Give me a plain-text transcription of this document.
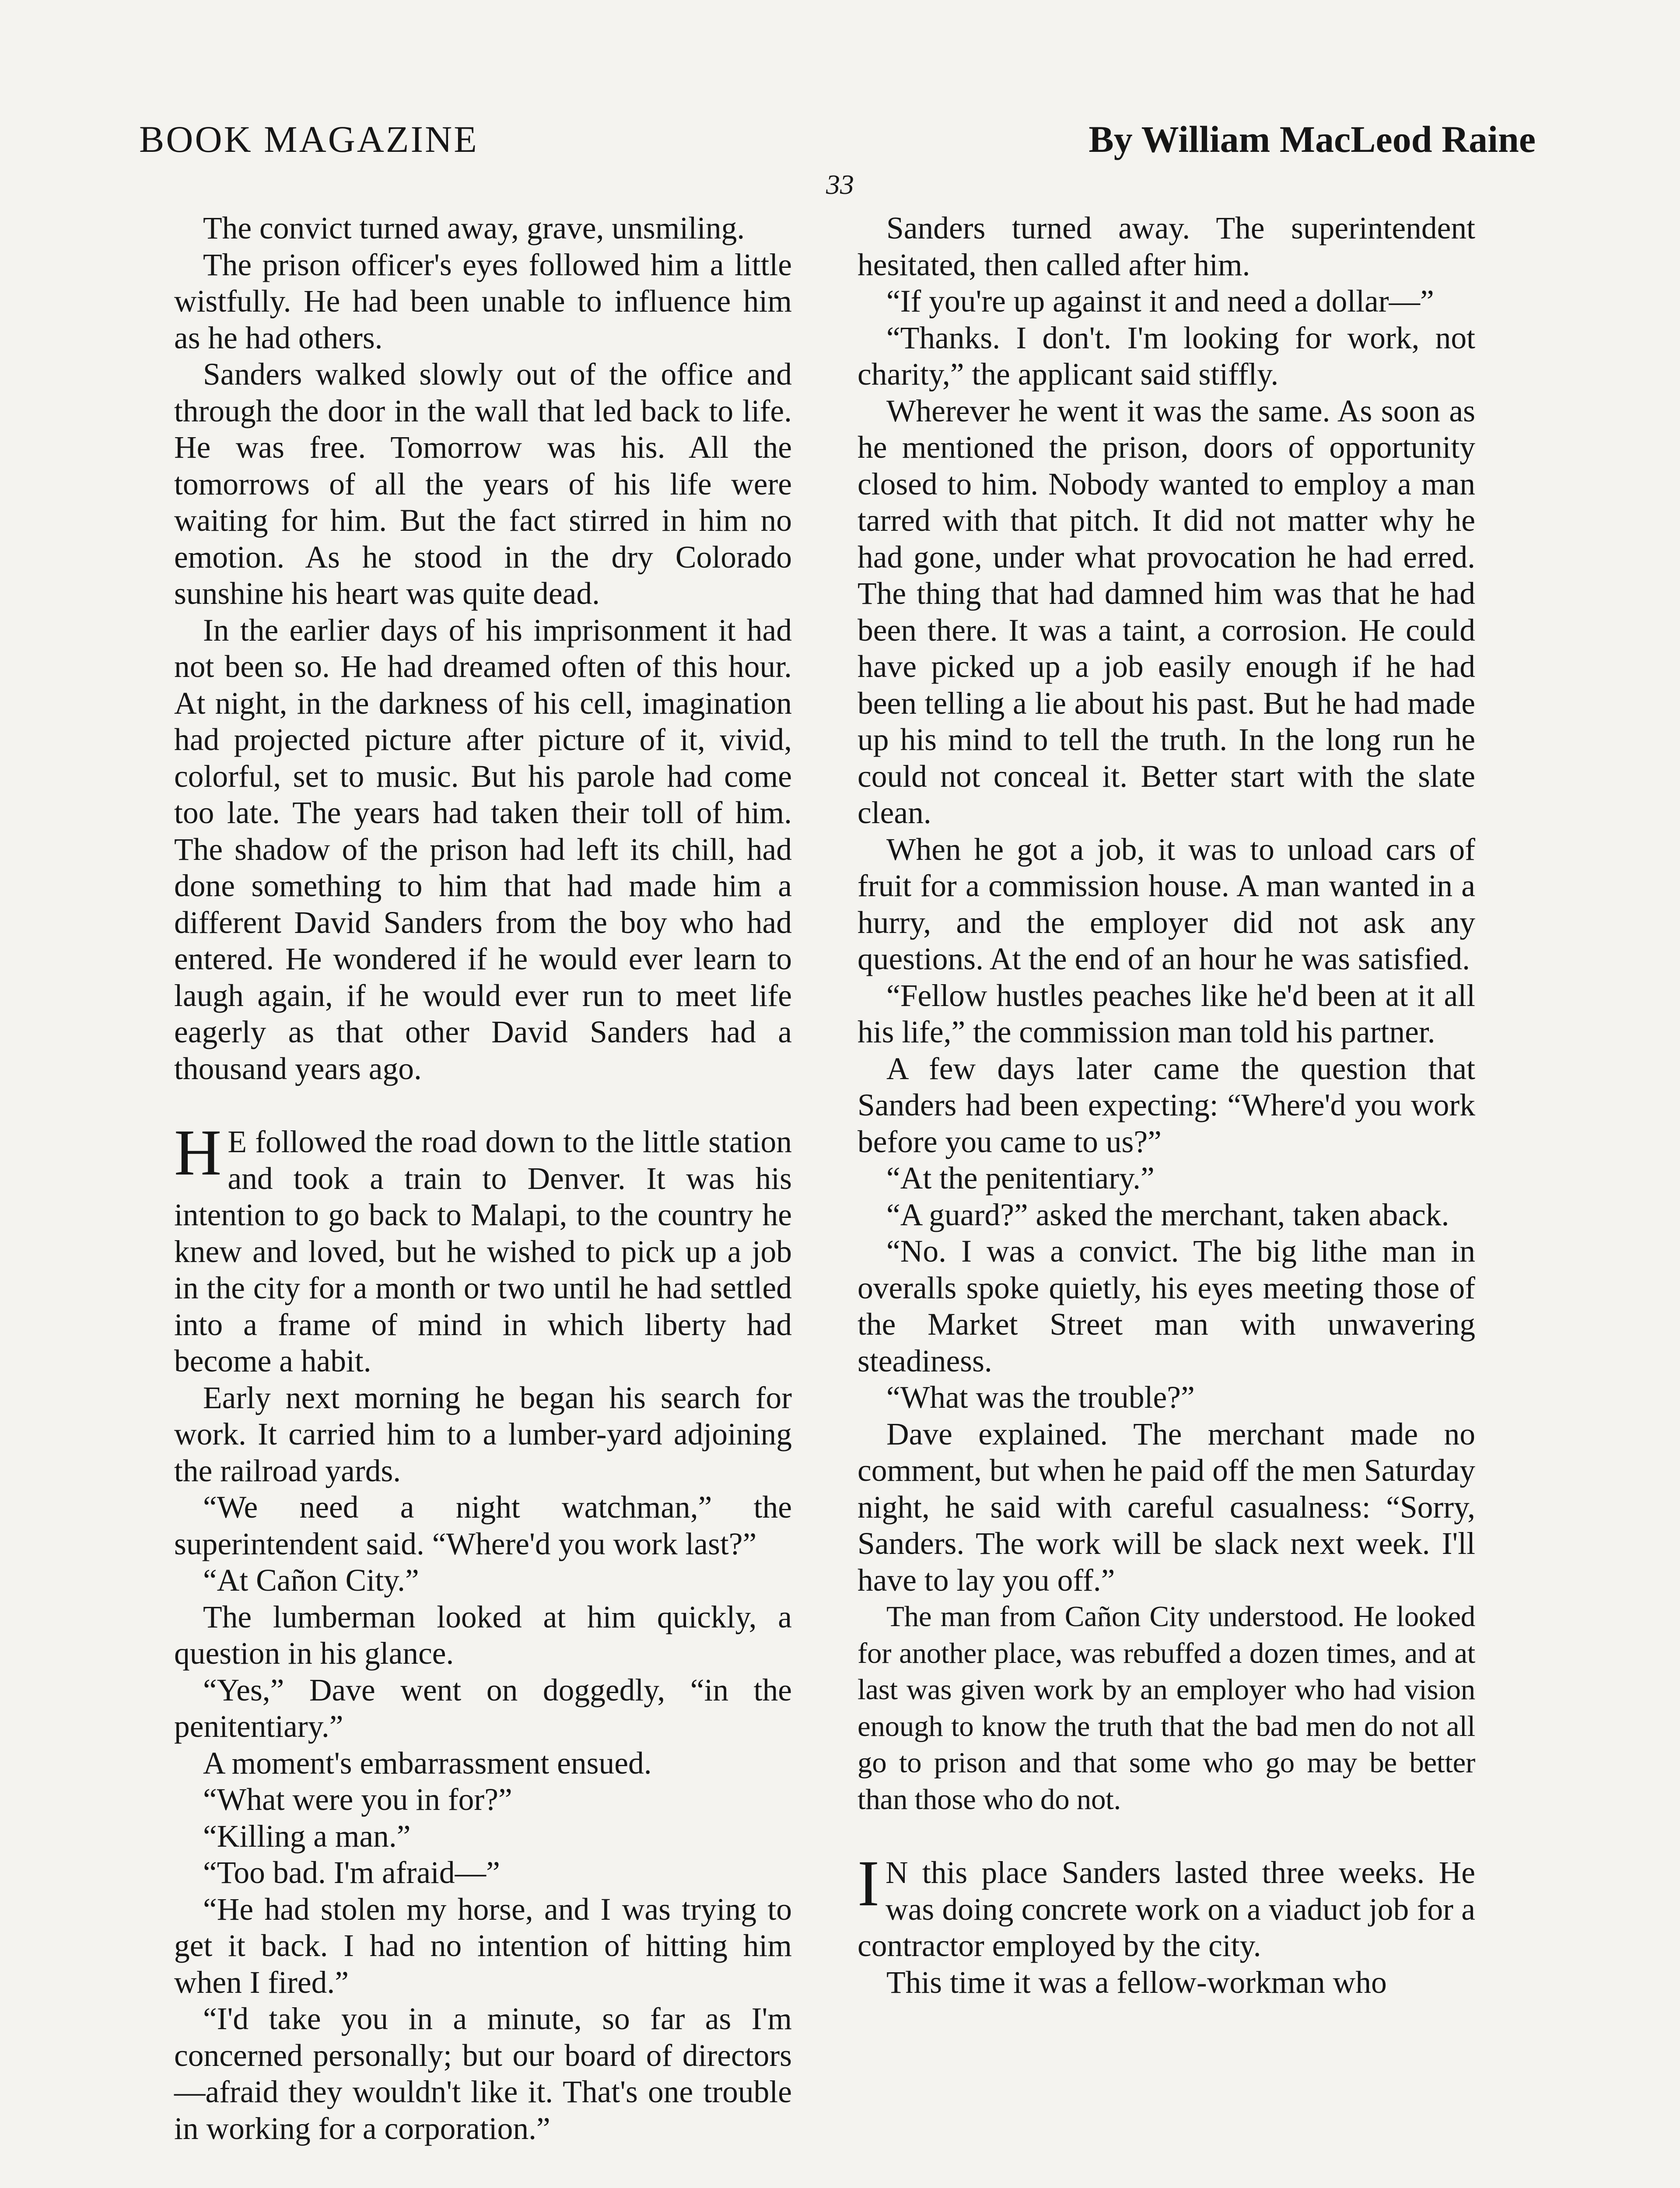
BOOK MAGAZINE	By William MacLeod Raine
33

The convict turned away, grave, unsmiling.

The prison officer's eyes followed him a little wistfully. He had been unable to influence him as he had others.

Sanders walked slowly out of the office and through the door in the wall that led back to life. He was free. Tomorrow was his. All the tomorrows of all the years of his life were waiting for him. But the fact stirred in him no emotion. As he stood in the dry Colorado sunshine his heart was quite dead.

In the earlier days of his imprisonment it had not been so. He had dreamed often of this hour. At night, in the darkness of his cell, imagination had projected picture after picture of it, vivid, colorful, set to music. But his parole had come too late. The years had taken their toll of him. The shadow of the prison had left its chill, had done something to him that had made him a different David Sanders from the boy who had entered. He wondered if he would ever learn to laugh again, if he would ever run to meet life eagerly as that other David Sanders had a thousand years ago.

H E followed the road down to the little station and took a train to Denver. It was his intention to go back to Malapi, to the country he knew and loved, but he wished to pick up a job in the city for a month or two until he had settled into a frame of mind in which liberty had become a habit.

Early next morning he began his search for work. It carried him to a lumber-yard adjoining the railroad yards.

“We need a night watchman,” the superintendent said. “Where'd you work last?”

“At Cañon City.”

The lumberman looked at him quickly, a question in his glance.

“Yes,” Dave went on doggedly, “in the penitentiary.”

A moment's embarrassment ensued.

“What were you in for?”

“Killing a man.”

“Too bad. I'm afraid—”

“He had stolen my horse, and I was trying to get it back. I had no intention of hitting him when I fired.”

“I'd take you in a minute, so far as I'm concerned personally; but our board of directors—afraid they wouldn't like it. That's one trouble in working for a corporation.”

Sanders turned away. The superintendent hesitated, then called after him.

“If you're up against it and need a dollar—”

“Thanks. I don't. I'm looking for work, not charity,” the applicant said stiffly.

Wherever he went it was the same. As soon as he mentioned the prison, doors of opportunity closed to him. Nobody wanted to employ a man tarred with that pitch. It did not matter why he had gone, under what provocation he had erred. The thing that had damned him was that he had been there. It was a taint, a corrosion. He could have picked up a job easily enough if he had been telling a lie about his past. But he had made up his mind to tell the truth. In the long run he could not conceal it. Better start with the slate clean.

When he got a job, it was to unload cars of fruit for a commission house. A man wanted in a hurry, and the employer did not ask any questions. At the end of an hour he was satisfied.

“Fellow hustles peaches like he'd been at it all his life,” the commission man told his partner.

A few days later came the question that Sanders had been expecting: “Where'd you work before you came to us?”

“At the penitentiary.”

“A guard?” asked the merchant, taken aback.

“No. I was a convict. The big lithe man in overalls spoke quietly, his eyes meeting those of the Market Street man with unwavering steadiness.

“What was the trouble?”

Dave explained. The merchant made no comment, but when he paid off the men Saturday night, he said with careful casualness: “Sorry, Sanders. The work will be slack next week. I'll have to lay you off.”

The man from Cañon City understood. He looked for another place, was rebuffed a dozen times, and at last was given work by an employer who had vision enough to know the truth that the bad men do not all go to prison and that some who go may be better than those who do not.

I N this place Sanders lasted three weeks. He was doing concrete work on a viaduct job for a contractor employed by the city.

This time it was a fellow-workman who
